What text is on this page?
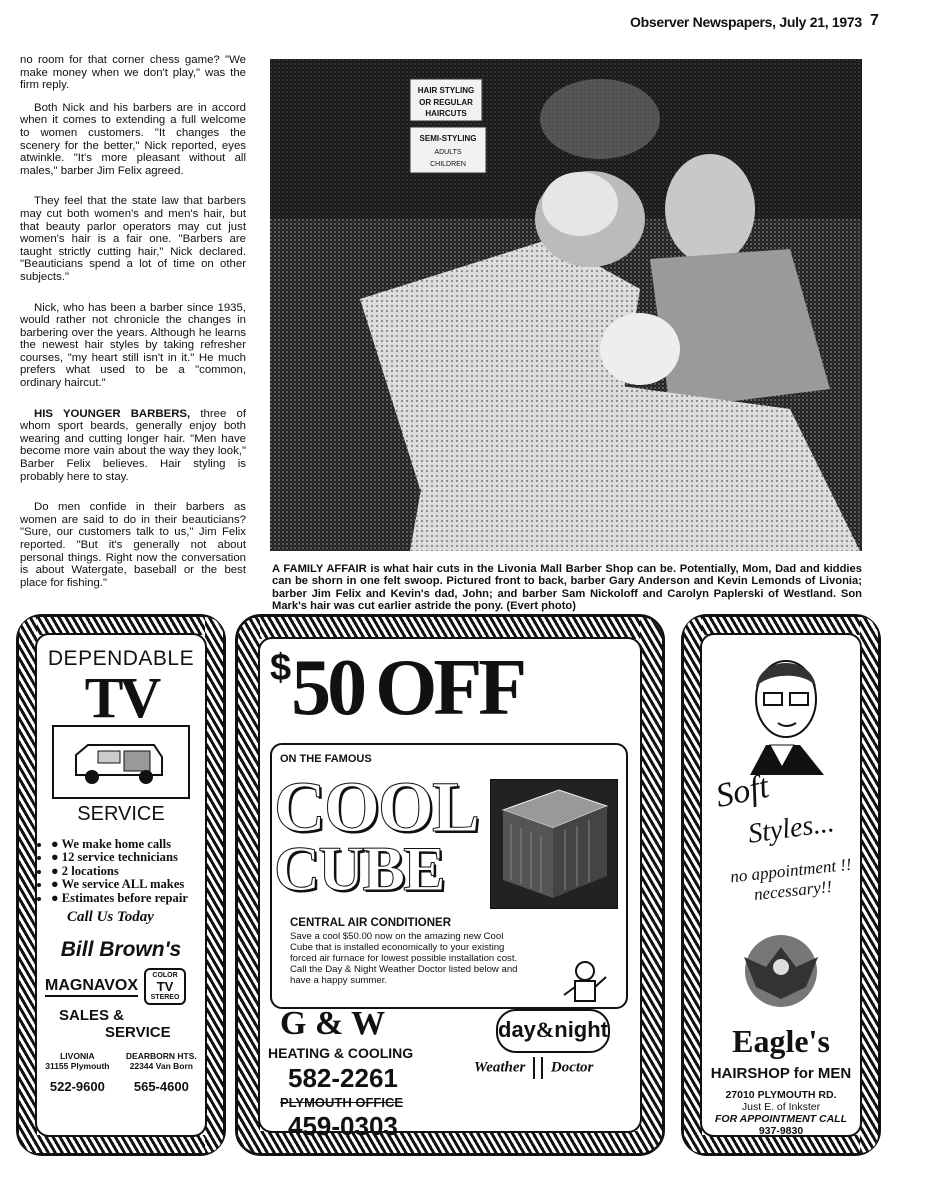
Observer Newspapers, July 21, 1973 7

no room for that corner chess game? "We make money when we don't play," was the firm reply.

Both Nick and his barbers are in accord when it comes to extending a full welcome to women customers. "It changes the scenery for the better," Nick reported, eyes atwinkle. "It's more pleasant without all males," barber Jim Felix agreed.

They feel that the state law that barbers may cut both women's and men's hair, but that beauty parlor operators may cut just women's hair is a fair one. "Barbers are taught strictly cutting hair," Nick declared. "Beauticians spend a lot of time on other subjects."

Nick, who has been a barber since 1935, would rather not chronicle the changes in barbering over the years. Although he learns the newest hair styles by taking refresher courses, "my heart still isn't in it." He much prefers what used to be a "common, ordinary haircut."

HIS YOUNGER BARBERS, three of whom sport beards, generally enjoy both wearing and cutting longer hair. "Men have become more vain about the way they look," Barber Felix believes. Hair styling is probably here to stay.

Do men confide in their barbers as women are said to do in their beauticians? "Sure, our customers talk to us," Jim Felix reported. "But it's generally not about personal things. Right now the conversation is about Watergate, baseball or the best place for fishing."

HAIR STYLING
OR REGULAR
HAIRCUTS
SEMI-STYLING
ADULTS
CHILDREN
A FAMILY AFFAIR is what hair cuts in the Livonia Mall Barber Shop can be. Potentially, Mom, Dad and kiddies can be shorn in one felt swoop. Pictured front to back, barber Gary Anderson and Kevin Lemonds of Livonia; barber Jim Felix and Kevin's dad, John; and barber Sam Nickoloff and Carolyn Paplerski of Westland. Son Mark's hair was cut earlier astride the pony. (Evert photo)
DEPENDABLE
TV
SERVICE
• ● We make home calls
• ● 12 service technicians
• ● 2 locations
• ● We service ALL makes
• ● Estimates before repair
Call Us Today
Bill Brown's
MAGNAVOX
COLOR
TV
STEREO
SALES &
SERVICE
LIVONIA
31155 Plymouth
522-9600
DEARBORN HTS.
22344 Van Born
565-4600
$ 50 OFF
ON THE FAMOUS
COOL
CUBE
CENTRAL AIR CONDITIONER
Save a cool $50.00 now on the amazing new Cool Cube that is installed economically to your existing forced air furnace for lowest possible installation cost. Call the Day & Night Weather Doctor listed below and have a happy summer.
G & W
HEATING & COOLING
582-2261
PLYMOUTH OFFICE
459-0303
day&night
Weather Doctor
Soft
Styles...
no appointment !! necessary!!
Eagle's
HAIRSHOP for MEN
27010 PLYMOUTH RD.
Just E. of Inkster
FOR APPOINTMENT CALL
937-9830
